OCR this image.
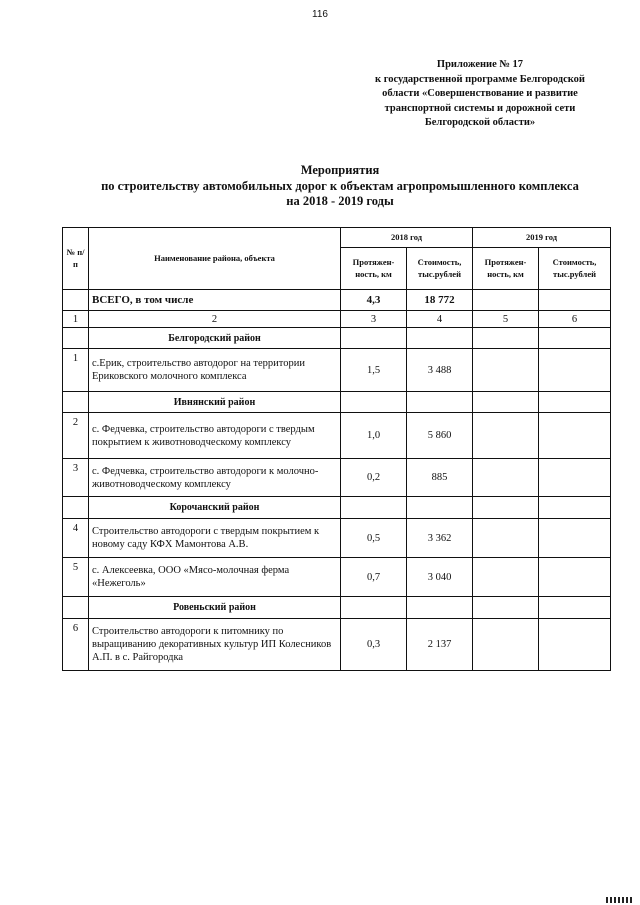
116
Приложение № 17
к государственной программе Белгородской
области «Совершенствование и развитие
транспортной системы и дорожной сети
Белгородской области»
Мероприятия
по строительству автомобильных дорог к объектам агропромышленного комплекса
на 2018 - 2019 годы
№ п/п	Наименование района, объекта	2018 год		2019 год	
		Протяжен-ность, км	Стоимость, тыс.рублей	Протяжен-ность, км	Стоимость, тыс.рублей
	ВСЕГО, в том числе	4,3	18 772		
1	2	3	4	5	6
	Белгородский район				
1	с.Ерик, строительство автодорог на территории Ериковского молочного комплекса	1,5	3 488		
	Ивнянский район				
2	с. Федчевка, строительство автодороги с твердым покрытием к животноводческому комплексу	1,0	5 860		
3	с. Федчевка, строительство автодороги к молочно-животноводческому комплексу	0,2	885		
	Корочанский район				
4	Строительство автодороги с твердым покрытием к новому саду КФХ Мамонтова А.В.	0,5	3 362		
5	с. Алексеевка, ООО «Мясо-молочная ферма «Нежеголь»	0,7	3 040		
	Ровеньский район				
6	Строительство автодороги к питомнику по выращиванию декоративных культур ИП Колесников А.П. в с. Райгородка	0,3	2 137		
